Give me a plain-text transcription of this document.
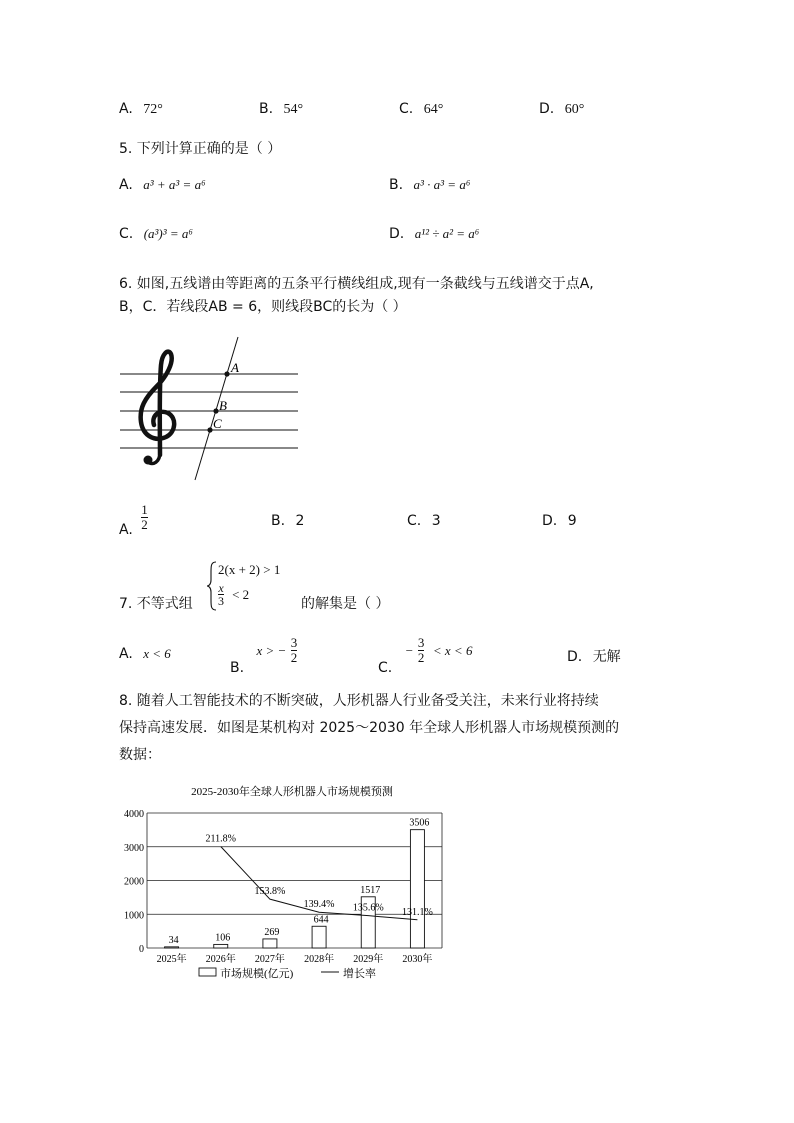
A. 72°	B. 54°	C. 64°	D. 60°
5. 下列计算正确的是（ ）
A. a³ + a³ = a⁶	B. a³ · a³ = a⁶
C. (a³)³ = a⁶	D. a¹² ÷ a² = a⁶
6. 如图,五线谱由等距离的五条平行横线组成,现有一条截线与五线谱交于点A,
B，C．若线段AB = 6，则线段BC的长为（ ）
A
B
C
A. $\frac{1}{2}$	B. 2	C. 3	D. 9
7. 不等式组
2(x + 2) > 1
$\frac{x}{3} < 2$
的解集是（ ）
A. x < 6
B. x > − $\frac{3}{2}$
C. − $\frac{3}{2} < x < 6$	D. 无解
8. 随着人工智能技术的不断突破，人形机器人行业备受关注，未来行业将持续
保持高速发展．如图是某机构对 2025～2030 年全球人形机器人市场规模预测的
数据：
2025-2030年全球人形机器人市场规模预测
0
1000
2000
3000
4000
2025年
34
2026年
106
2027年
269
2028年
644
2029年
1517
2030年
3506
211.8%
153.8%
139.4% 135.6% 131.1%
市场规模(亿元)	增长率
